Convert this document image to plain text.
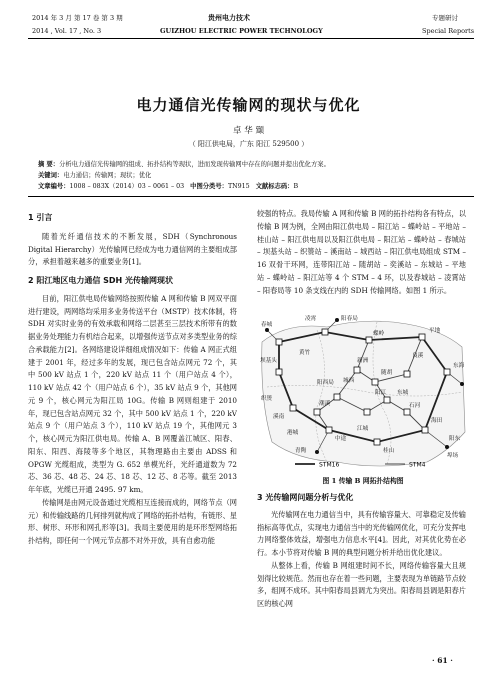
2014 年 3 月 第 17 卷 第 3 期
2014 , Vol. 17 , No. 3
贵州电力技术
GUIZHOU ELECTRIC POWER TECHNOLOGY
专题研讨
Special Reports
电力通信光传输网的现状与优化
卓 华 颋
（ 阳江供电局，广东 阳江 529500 ）
摘 要：分析电力通信光传输网的组成、拓扑结构等现状，进而发现传输网中存在的问题并提出优化方案。
关键词：电力通信；传输网；现状；优化
文章编号：1008 – 083X（2014）03 – 0061 – 03 中图分类号：TN915 文献标志码：B

1 引言

随着光纤通信技术的不断发展，SDH（Synchronous Digital Hierarchy）光传输网已经成为电力通信网的主要组成部分，承担着越来越多的重要业务[1]。

2 阳江地区电力通信 SDH 光传输网现状

目前，阳江供电局传输网络按照传输 A 网和传输 B 网双平面进行建设，两网络均采用多业务传送平台（MSTP）技术体制，将 SDH 对实时业务的有效承载和网络二层甚至三层技术所带有的数据业务处理能力有机结合起来，以增强传送节点对多类型业务的综合承载能力[2]。各网络建设详细组成情况如下：传输 A 网正式组建于 2001 年，经过多年的发展，现已包含站点网元 72 个，其中 500 kV 站点 1 个，220 kV 站点 11 个（用户站点 4 个），110 kV 站点 42 个（用户站点 6 个），35 kV 站点 9 个，其他网元 9 个，核心网元为阳江局 10G。传输 B 网则组建于 2010 年，现已包含站点网元 32 个，其中 500 kV 站点 1 个，220 kV 站点 9 个（用户站点 3 个），110 kV 站点 19 个，其他网元 3 个，核心网元为阳江供电局。传输 A、B 网覆盖江城区、阳春、阳东、阳西、海陵等多个地区，其物理路由主要由 ADSS 和 OPGW 光缆组成，类型为 G. 652 单模光纤，光纤通道数为 72 芯、36 芯、48 芯、24 芯、18 芯、12 芯、8 芯等。截至 2013 年年底，光缆已开通 2495. 97 km。

传输网是由网元设备通过光缆相互连接而成的，网络节点（网元）和传输线路的几何排列就构成了网络的拓扑结构，有链形、星形、树形、环形和网孔形等[3]。我局主要使用的是环形型网络拓扑结构，即任何一个网元节点都不对外开放，具有自愈功能

较强的特点。我局传输 A 网和传输 B 网的拓扑结构各有特点，以传输 B 网为例，全网由阳江供电局 – 阳江站 – 蝶岭站 – 平地站 – 桂山站 – 阳江供电局以及阳江供电局 – 阳江站 – 蝶岭站 – 春城站 – 坝基头站 – 织篑站 – 溪南站 – 城西站 – 阳江供电局组成 STM – 16 双骨干环网，连带阳江站 – 随胡站 – 奕溪站 – 东城站 – 平地站 – 蝶岭站 – 阳江站等 4 个 STM – 4 环，以及春城站 – 凌霄站 – 阳春局等 10 条支线在内的 SDH 传输网络。如图 1 所示。

STM16	STM4
春城
凌霄	阳春局
蝶岭	平地
良溪
东海
坝基头
黄竹
织篑
阳西局 城西
新洲
随胡
阳江 东城
石河
溪南
潮溪
港城
中途
江城
桂山
海田
阳东
埠场
青陶
图 1 传输 B 网拓扑结构图

3 光传输网问题分析与优化

光传输网在电力通信当中，具有传输容量大、可靠稳定及传输指标高等优点，实现电力通信当中的光传输网优化，可充分发挥电力网络整体效益，增强电力信息水平[4]。因此，对其优化势在必行。本小节将对传输 B 网的典型问题分析并给出优化建议。

从整体上看，传输 B 网组建时间不长，网络传输容量大且规划得比较规范。然而也存在着一些问题，主要表现为单链路节点较多，组网不成环。其中阳春局县调尤为突出。阳春局县调是阳春片区的核心网

· 61 ·
